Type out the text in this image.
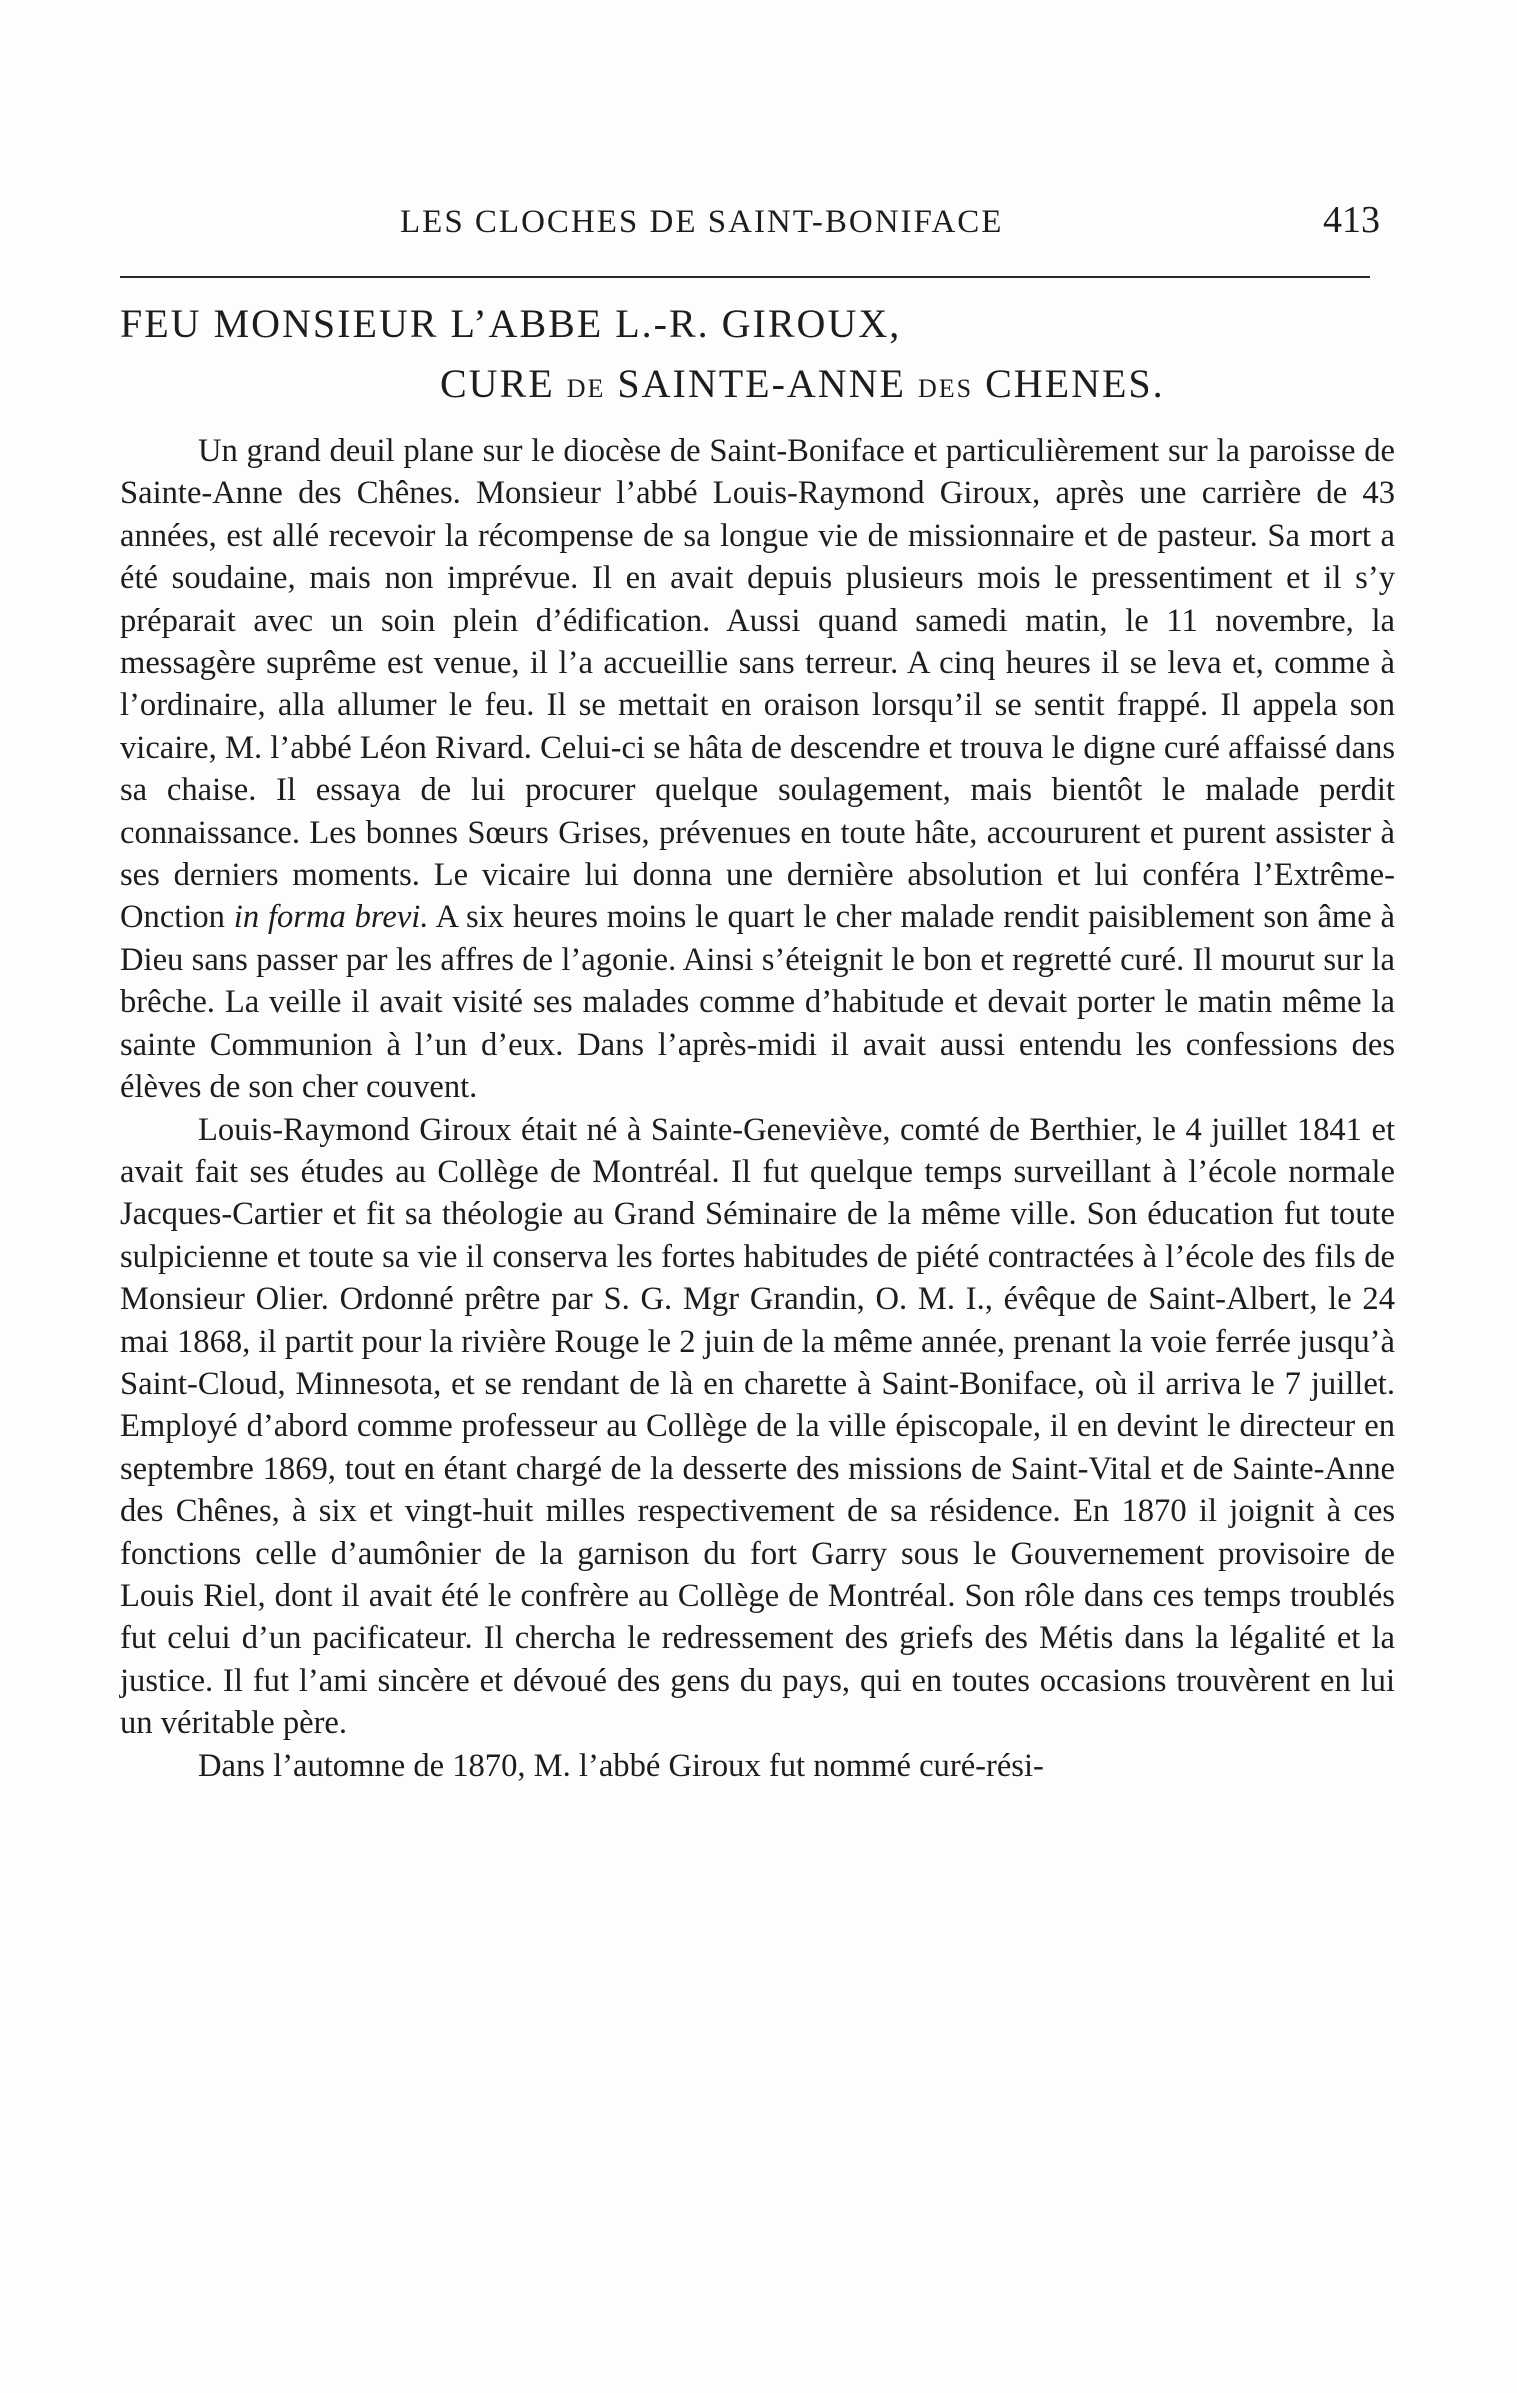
LES CLOCHES DE SAINT-BONIFACE	413
FEU MONSIEUR L’ABBE L.-R. GIROUX,
CURE DE SAINTE-ANNE DES CHENES.

Un grand deuil plane sur le diocèse de Saint-Boniface et particulièrement sur la paroisse de Sainte-Anne des Chênes. Monsieur l’abbé Louis-Raymond Giroux, après une carrière de 43 années, est allé recevoir la récompense de sa longue vie de missionnaire et de pasteur. Sa mort a été soudaine, mais non imprévue. Il en avait depuis plusieurs mois le pressentiment et il s’y préparait avec un soin plein d’édification. Aussi quand samedi matin, le 11 novembre, la messagère suprême est venue, il l’a accueillie sans terreur. A cinq heures il se leva et, comme à l’ordinaire, alla allumer le feu. Il se mettait en oraison lorsqu’il se sentit frappé. Il appela son vicaire, M. l’abbé Léon Rivard. Celui-ci se hâta de descendre et trouva le digne curé affaissé dans sa chaise. Il essaya de lui procurer quelque soulagement, mais bientôt le malade perdit connaissance. Les bonnes Sœurs Grises, prévenues en toute hâte, accoururent et purent assister à ses derniers moments. Le vicaire lui donna une dernière absolution et lui conféra l’Extrême-Onction in forma brevi. A six heures moins le quart le cher malade rendit paisiblement son âme à Dieu sans passer par les affres de l’agonie. Ainsi s’éteignit le bon et regretté curé. Il mourut sur la brêche. La veille il avait visité ses malades comme d’habitude et devait porter le matin même la sainte Communion à l’un d’eux. Dans l’après-midi il avait aussi entendu les confessions des élèves de son cher couvent.

Louis-Raymond Giroux était né à Sainte-Geneviève, comté de Berthier, le 4 juillet 1841 et avait fait ses études au Collège de Montréal. Il fut quelque temps surveillant à l’école normale Jacques-Cartier et fit sa théologie au Grand Séminaire de la même ville. Son éducation fut toute sulpicienne et toute sa vie il conserva les fortes habitudes de piété contractées à l’école des fils de Monsieur Olier. Ordonné prêtre par S. G. Mgr Grandin, O. M. I., évêque de Saint-Albert, le 24 mai 1868, il partit pour la rivière Rouge le 2 juin de la même année, prenant la voie ferrée jusqu’à Saint-Cloud, Minnesota, et se rendant de là en charette à Saint-Boniface, où il arriva le 7 juillet. Employé d’abord comme professeur au Collège de la ville épiscopale, il en devint le directeur en septembre 1869, tout en étant chargé de la desserte des missions de Saint-Vital et de Sainte-Anne des Chênes, à six et vingt-huit milles respectivement de sa résidence. En 1870 il joignit à ces fonctions celle d’aumônier de la garnison du fort Garry sous le Gouvernement provisoire de Louis Riel, dont il avait été le confrère au Collège de Montréal. Son rôle dans ces temps troublés fut celui d’un pacificateur. Il chercha le redressement des griefs des Métis dans la légalité et la justice. Il fut l’ami sincère et dévoué des gens du pays, qui en toutes occasions trouvèrent en lui un véritable père.

Dans l’automne de 1870, M. l’abbé Giroux fut nommé curé-rési-
